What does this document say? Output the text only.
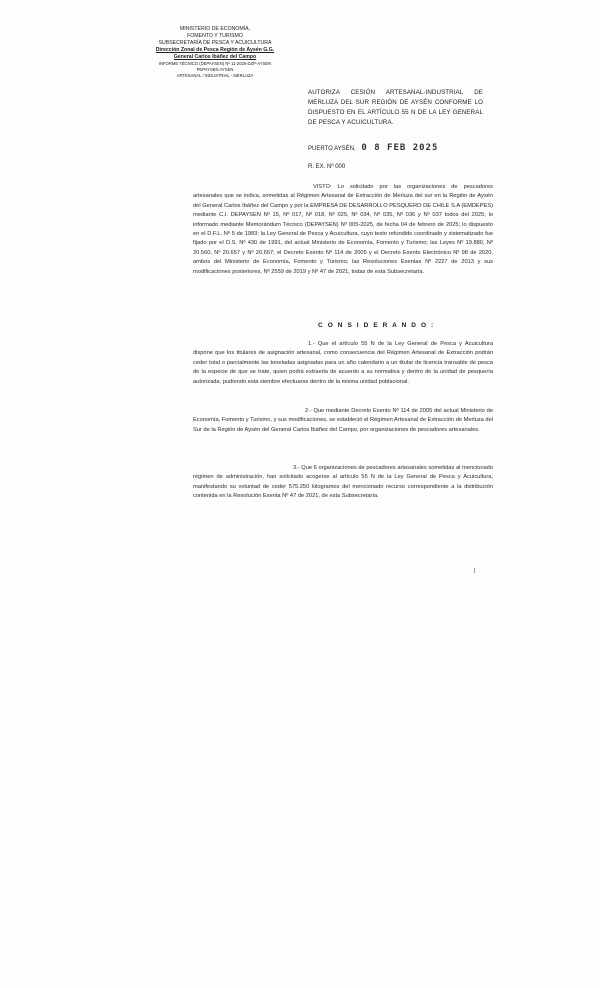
MINISTERIO DE ECONOMÍA,
FOMENTO Y TURISMO
SUBSECRETARÍA DE PESCA Y ACUICULTURA
Dirección Zonal de Pesca Región de Aysén G.G.
General Carlos Ibáñez del Campo
INFORME TÉCNICO (DEPAYSEN) Nº 11-2025-DZP-AYSEN
PEPAYSEN AYSEN
ARTESANAL / INDUSTRIAL - MERLUZA
AUTORIZA CESIÓN ARTESANAL-INDUSTRIAL DE MERLUZA DEL SUR REGIÓN DE AYSÉN CONFORME LO DISPUESTO EN EL ARTÍCULO 55 N DE LA LEY GENERAL DE PESCA Y ACUICULTURA.
PUERTO AYSÉN, 0 8 FEB 2025
R. EX. Nº 000
VISTO: Lo solicitado por las organizaciones de pescadores artesanales que se indica, sometidas al Régimen Artesanal de Extracción de Merluza del sur en la Región de Aysén del General Carlos Ibáñez del Campo y por la EMPRESA DE DESARROLLO PESQUERO DE CHILE S.A (EMDEPES) mediante C.I. DEPAYSEN Nº 15, Nº 017, Nº 018, Nº 025, Nº 034, Nº 035, Nº 036 y Nº 037 todos del 2025; lo informado mediante Memorándum Técnico (DEPAYSEN) Nº 005-2025, de fecha 04 de febrero de 2025; lo dispuesto en el D.F.L. Nº 5 de 1983; la Ley General de Pesca y Acuicultura, cuyo texto refundido coordinado y sistematizado fue fijado por el D.S. Nº 430 de 1991, del actual Ministerio de Economía, Fomento y Turismo; las Leyes Nº 19.880, Nº 20.560, Nº 20.657 y Nº 20.657; el Decreto Exento Nº 114 de 2005 y el Decreto Exento Electrónico Nº 98 de 2020, ambos del Ministerio de Economía, Fomento y Turismo; las Resoluciones Exentas Nº 2227 de 2013 y sus modificaciones posteriores, Nº 2559 de 2019 y Nº 47 de 2021, todas de esta Subsecretaría.
C O N S I D E R A N D O :
1.- Que el artículo 55 N de la Ley General de Pesca y Acuicultura dispone que los titulares de asignación artesanal, como consecuencia del Régimen Artesanal de Extracción podrán ceder total o parcialmente las toneladas asignadas para un año calendario a un titular de licencia transable de pesca de la especie de que se trate, quien podrá extraerla de acuerdo a su normativa y dentro de la unidad de pesquería autorizada, pudiendo esta siembre efectuarse dentro de la misma unidad poblacional.
2.- Que mediante Decreto Exento Nº 114 de 2005 del actual Ministerio de Economía, Fomento y Turismo, y sus modificaciones, se estableció el Régimen Artesanal de Extracción de Merluza del Sur de la Región de Aysén del General Carlos Ibáñez del Campo, por organizaciones de pescadores artesanales.
3.- Que 6 organizaciones de pescadores artesanales sometidas al mencionado régimen de administración, han solicitado acogerse al artículo 55 N de la Ley General de Pesca y Acuicultura, manifestando su voluntad de ceder 575.250 kilogramos del mencionado recurso correspondiente a la distribución contenida en la Resolución Exenta Nº 47 de 2021, de esta Subsecretaría.
